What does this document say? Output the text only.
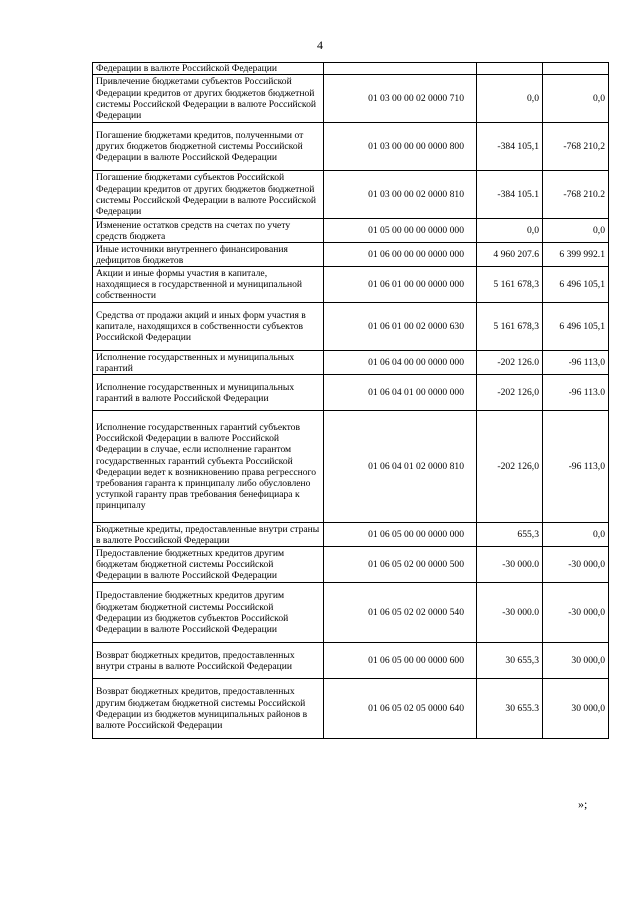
4
Федерации в валюте Российской Федерации			
Привлечение бюджетами субъектов Российской Федерации кредитов от других бюджетов бюджетной системы Российской Федерации в валюте Российской Федерации	01 03 00 00 02 0000 710	0,0	0,0
Погашение бюджетами кредитов, полученными от других бюджетов бюджетной системы Российской Федерации в валюте Российской Федерации	01 03 00 00 00 0000 800	-384 105,1	-768 210,2
Погашение бюджетами субъектов Российской Федерации кредитов от других бюджетов бюджетной системы Российской Федерации в валюте Российской Федерации	01 03 00 00 02 0000 810	-384 105.1	-768 210.2
Изменение остатков средств на счетах по учету средств бюджета	01 05 00 00 00 0000 000	0,0	0,0
Иные источники внутреннего финансирования дефицитов бюджетов	01 06 00 00 00 0000 000	4 960 207.6	6 399 992.1
Акции и иные формы участия в капитале, находящиеся в государственной и муниципальной собственности	01 06 01 00 00 0000 000	5 161 678,3	6 496 105,1
Средства от продажи акций и иных форм участия в капитале, находящихся в собственности субъектов Российской Федерации	01 06 01 00 02 0000 630	5 161 678,3	6 496 105,1
Исполнение государственных и муниципальных гарантий	01 06 04 00 00 0000 000	-202 126.0	-96 113,0
Исполнение государственных и муниципальных гарантий в валюте Российской Федерации	01 06 04 01 00 0000 000	-202 126,0	-96 113.0
Исполнение государственных гарантий субъектов Российской Федерации в валюте Российской Федерации в случае, если исполнение гарантом государственных гарантий субъекта Российской Федерации ведет к возникновению права регрессного требования гаранта к принципалу либо обусловлено уступкой гаранту прав требования бенефициара к принципалу	01 06 04 01 02 0000 810	-202 126,0	-96 113,0
Бюджетные кредиты, предоставленные внутри страны в валюте Российской Федерации	01 06 05 00 00 0000 000	655,3	0,0
Предоставление бюджетных кредитов другим бюджетам бюджетной системы Российской Федерации в валюте Российской Федерации	01 06 05 02 00 0000 500	-30 000.0	-30 000,0
Предоставление бюджетных кредитов другим бюджетам бюджетной системы Российской Федерации из бюджетов субъектов Российской Федерации в валюте Российской Федерации	01 06 05 02 02 0000 540	-30 000.0	-30 000,0
Возврат бюджетных кредитов, предоставленных внутри страны в валюте Российской Федерации	01 06 05 00 00 0000 600	30 655,3	30 000,0
Возврат бюджетных кредитов, предоставленных другим бюджетам бюджетной системы Российской Федерации из бюджетов муниципальных районов в валюте Российской Федерации	01 06 05 02 05 0000 640	30 655.3	30 000,0
»;
